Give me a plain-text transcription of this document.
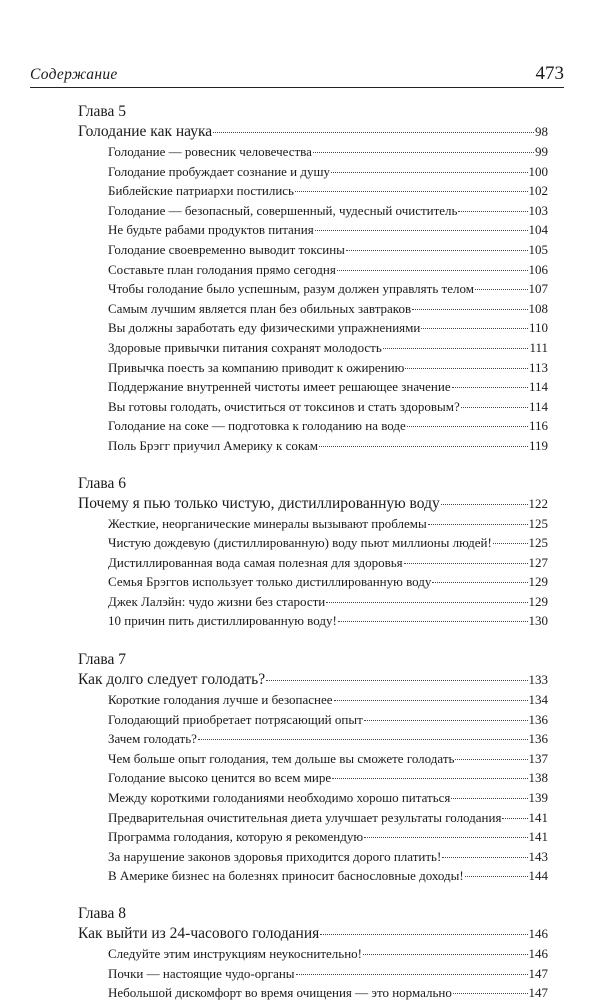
Содержание	473
Глава 5
Голодание как наука	98
Голодание — ровесник человечества	99
Голодание пробуждает сознание и душу	100
Библейские патриархи постились	102
Голодание — безопасный, совершенный, чудесный очиститель	103
Не будьте рабами продуктов питания	104
Голодание своевременно выводит токсины	105
Составьте план голодания прямо сегодня	106
Чтобы голодание было успешным, разум должен управлять телом	107
Самым лучшим является план без обильных завтраков	108
Вы должны заработать еду физическими упражнениями	110
Здоровые привычки питания сохранят молодость	111
Привычка поесть за компанию приводит к ожирению	113
Поддержание внутренней чистоты имеет решающее значение	114
Вы готовы голодать, очиститься от токсинов и стать здоровым?	114
Голодание на соке — подготовка к голоданию на воде	116
Поль Брэгг приучил Америку к сокам	119
Глава 6
Почему я пью только чистую, дистиллированную воду	122
Жесткие, неорганические минералы вызывают проблемы	125
Чистую дождевую (дистиллированную) воду пьют миллионы людей!	125
Дистиллированная вода самая полезная для здоровья	127
Семья Брэггов использует только дистиллированную воду	129
Джек Лалэйн: чудо жизни без старости	129
10 причин пить дистиллированную воду!	130
Глава 7
Как долго следует голодать?	133
Короткие голодания лучше и безопаснее	134
Голодающий приобретает потрясающий опыт	136
Зачем голодать?	136
Чем больше опыт голодания, тем дольше вы сможете голодать	137
Голодание высоко ценится во всем мире	138
Между короткими голоданиями необходимо хорошо питаться	139
Предварительная очистительная диета улучшает результаты голодания 141
Программа голодания, которую я рекомендую	141
За нарушение законов здоровья приходится дорого платить!	143
В Америке бизнес на болезнях приносит баснословные доходы!	144
Глава 8
Как выйти из 24-часового голодания	146
Следуйте этим инструкциям неукоснительно!	146
Почки — настоящие чудо-органы	147
Небольшой дискомфорт во время очищения — это нормально	147
